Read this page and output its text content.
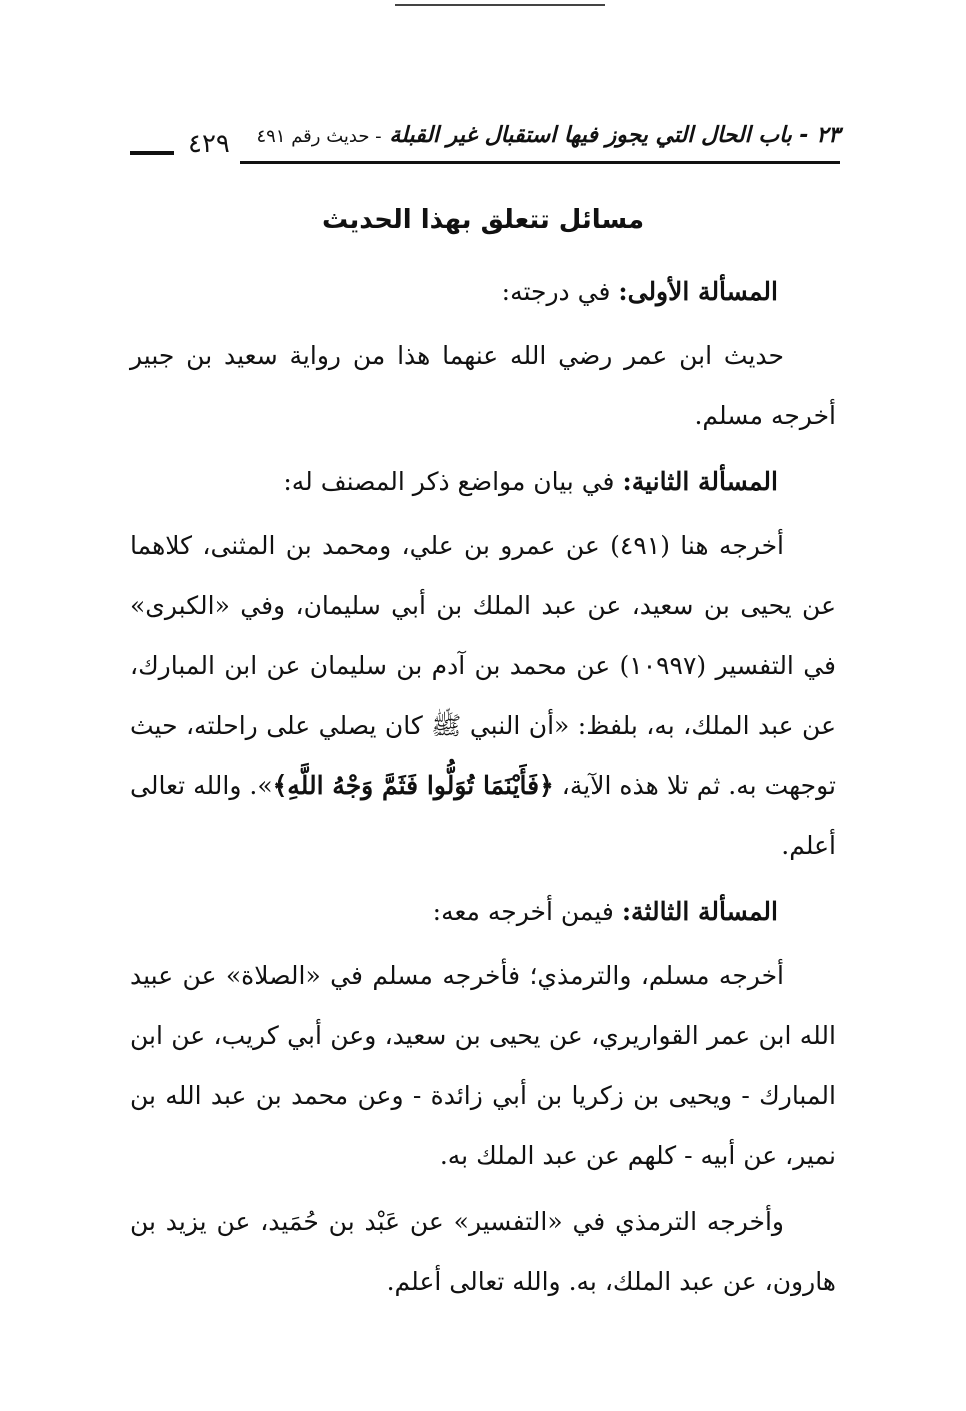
٢٣ - باب الحال التي يجوز فيها استقبال غير القبلة - حديث رقم ٤٩١
٤٢٩
مسائل تتعلق بهذا الحديث

المسألة الأولى: في درجته:

حديث ابن عمر رضي الله عنهما هذا من رواية سعيد بن جبير أخرجه مسلم.

المسألة الثانية: في بيان مواضع ذكر المصنف له:

أخرجه هنا (٤٩١) عن عمرو بن علي، ومحمد بن المثنى، كلاهما عن يحيى بن سعيد، عن عبد الملك بن أبي سليمان، وفي «الكبرى» في التفسير (١٠٩٩٧) عن محمد بن آدم بن سليمان عن ابن المبارك، عن عبد الملك، به، بلفظ: «أن النبي ﷺ كان يصلي على راحلته، حيث توجهت به. ثم تلا هذه الآية، ﴿فَأَيْنَمَا تُوَلُّوا فَثَمَّ وَجْهُ اللَّهِ﴾». والله تعالى أعلم.

المسألة الثالثة: فيمن أخرجه معه:

أخرجه مسلم، والترمذي؛ فأخرجه مسلم في «الصلاة» عن عبيد الله ابن عمر القواريري، عن يحيى بن سعيد، وعن أبي كريب، عن ابن المبارك - ويحيى بن زكريا بن أبي زائدة - وعن محمد بن عبد الله بن نمير، عن أبيه - كلهم عن عبد الملك به.

وأخرجه الترمذي في «التفسير» عن عَبْد بن حُمَيد، عن يزيد بن هارون، عن عبد الملك، به. والله تعالى أعلم.
